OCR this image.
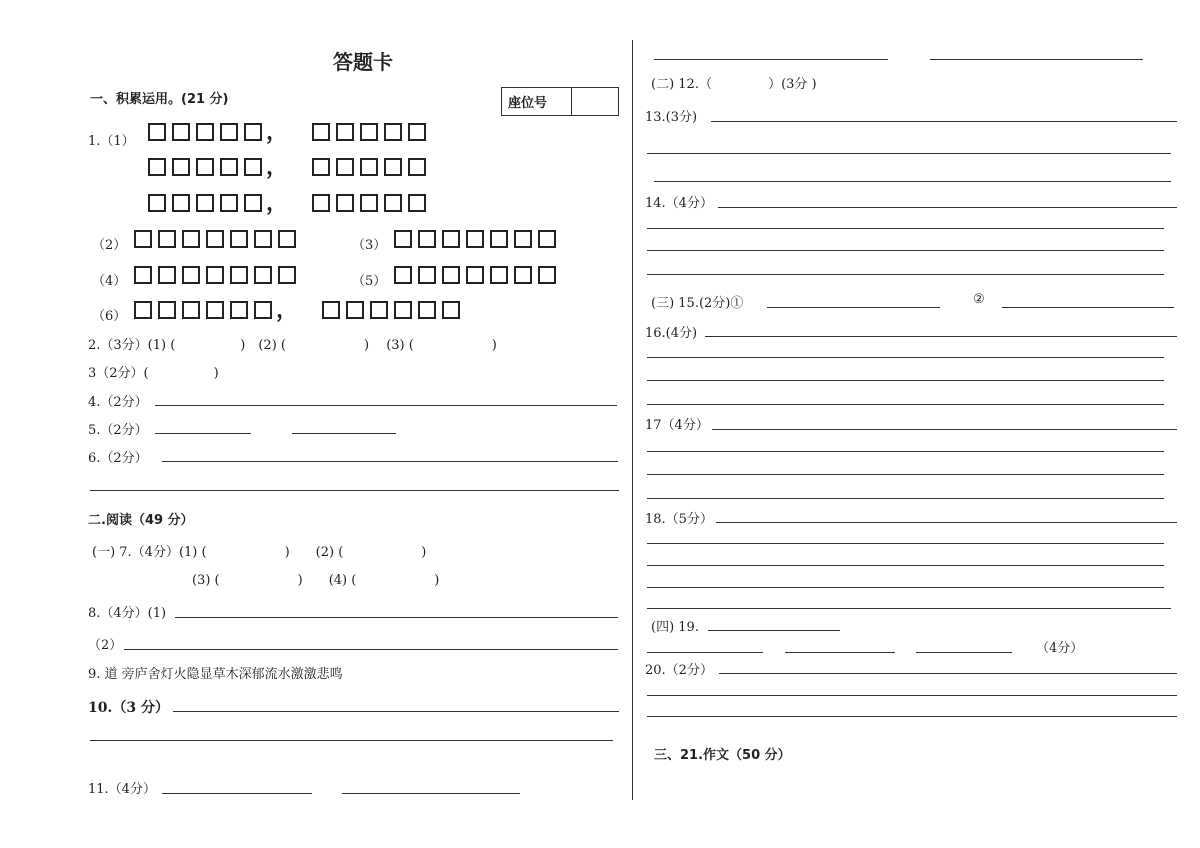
答题卡
一、积累运用。(21 分)	座位号
1.（1）	，
，
，
（2）	（3）
（4）	（5）
（6）	，
2.（3分）(1) (　　　　　)　(2) (　　　　　　)　 (3) (　　　　　　)
3（2分）(　　　　　)
4.（2分）
5.（2分）
6.（2分）
二.阅读（49 分）
(一) 7.（4分）(1) (　　　　　　)　　(2) (　　　　　　)
(3) (　　　　　　)　　(4) (　　　　　　)
8.（4分）(1)
（2）
9. 道 旁庐舍灯火隐显草木深郁流水激激悲鸣
10.（3 分）
11.（4分）
(二) 12.（　　　　 ）(3分 )
13.(3分)
14.（4分）
(三) 15.(2分)①	②
16.(4分)
17（4分）
18.（5分）
(四) 19.
（4分）
20.（2分）
三、21.作文（50 分）
